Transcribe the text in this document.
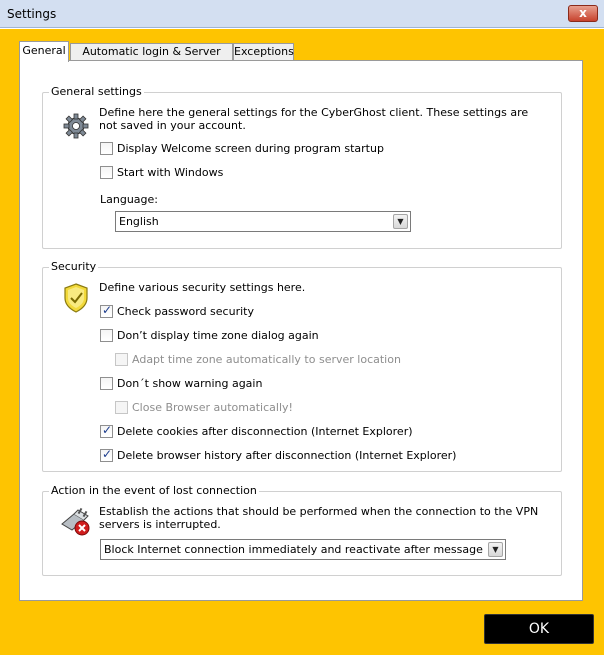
Settings	x
General	Automatic login & Server	Exceptions
General settings
Define here the general settings for the CyberGhost client. These settings are not saved in your account.
Display Welcome screen during program startup
Start with Windows
Language:
English	▼
Security
Define various security settings here.
✓
Check password security
Don’t display time zone dialog again
Adapt time zone automatically to server location
Don´t show warning again
Close Browser automatically!
✓
Delete cookies after disconnection (Internet Explorer)
✓
Delete browser history after disconnection (Internet Explorer)
Action in the event of lost connection
Establish the actions that should be performed when the connection to the VPN servers is interrupted.
Block Internet connection immediately and reactivate after message	▼
OK
